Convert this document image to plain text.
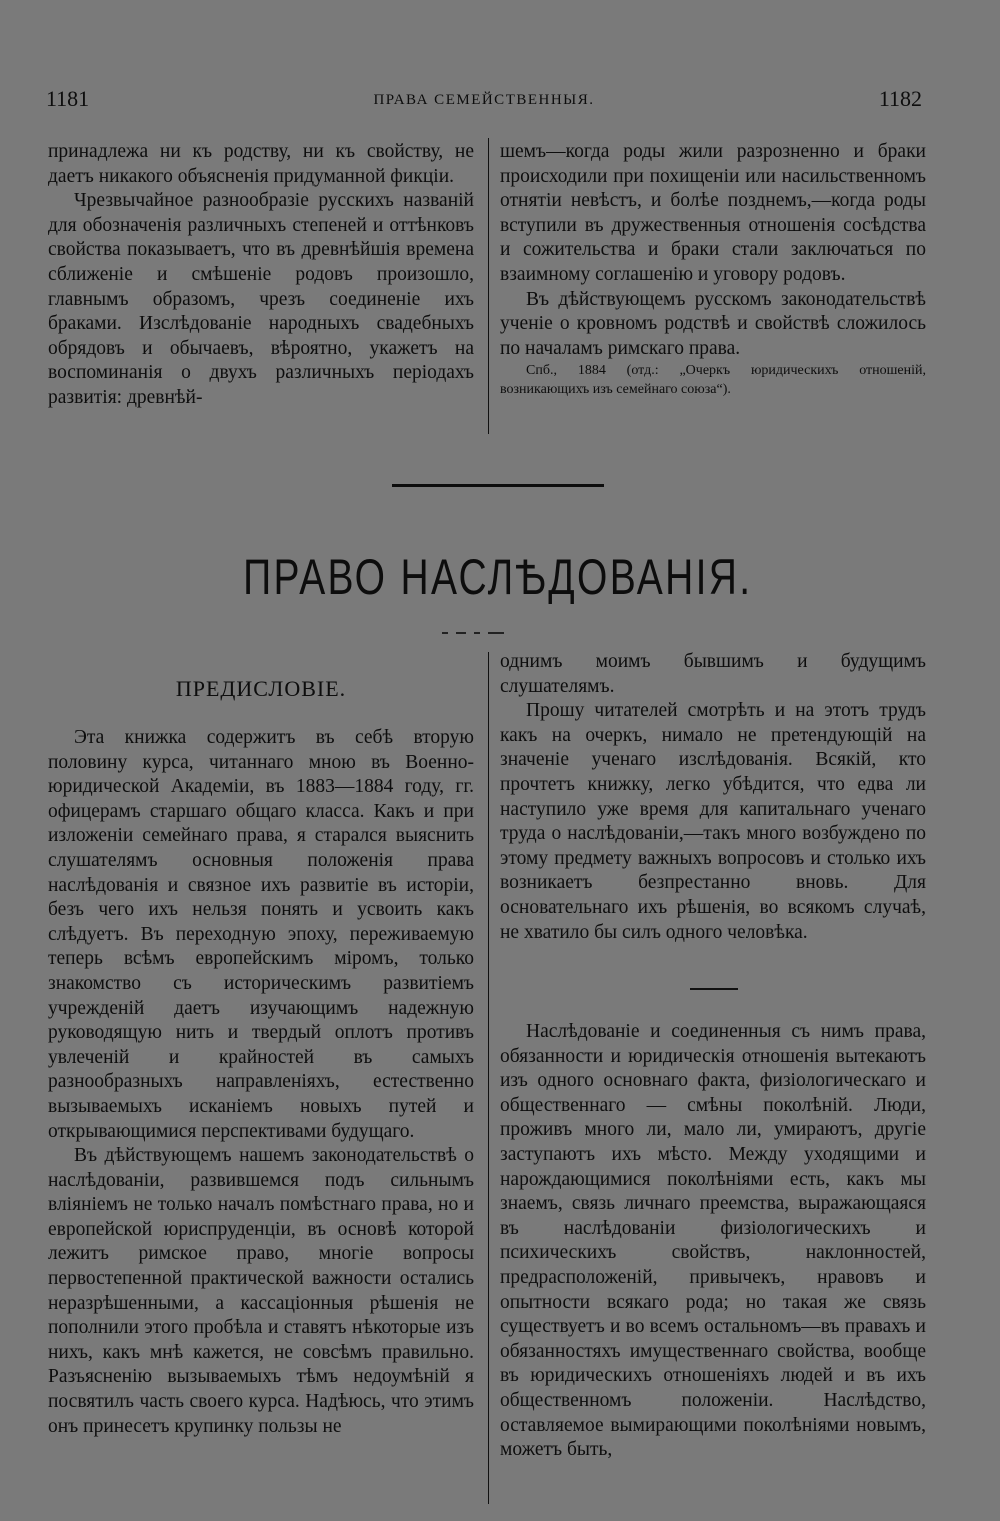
1181	ПРАВА СЕМЕЙСТВЕННЫЯ.	1182

принадлежа ни къ родству, ни къ свойству, не даетъ никакого объясненія придуманной фикціи.

Чрезвычайное разнообразіе русскихъ названій для обозначенія различныхъ степеней и оттѣнковъ свойства показываетъ, что въ древнѣйшія времена сближеніе и смѣшеніе родовъ произошло, главнымъ образомъ, чрезъ соединеніе ихъ браками. Изслѣдованіе народныхъ свадебныхъ обрядовъ и обычаевъ, вѣроятно, укажетъ на воспоминанія о двухъ различныхъ періодахъ развитія: древнѣй-

шемъ—когда роды жили разрозненно и браки происходили при похищеніи или насильственномъ отнятіи невѣстъ, и болѣе позднемъ,—когда роды вступили въ дружественныя отношенія сосѣдства и сожительства и браки стали заключаться по взаимному соглашенію и уговору родовъ.

Въ дѣйствующемъ русскомъ законодательствѣ ученіе о кровномъ родствѣ и свойствѣ сложилось по началамъ римскаго права.

Спб., 1884 (отд.: „Очеркъ юридическихъ отношеній, возникающихъ изъ семейнаго союза“).

ПРАВО НАСЛѢДОВАНІЯ.
ПРЕДИСЛОВІЕ.

Эта книжка содержитъ въ себѣ вторую половину курса, читаннаго мною въ Военно-юридической Академіи, въ 1883—1884 году, гг. офицерамъ старшаго общаго класса. Какъ и при изложеніи семейнаго права, я старался выяснить слушателямъ основныя положенія права наслѣдованія и связное ихъ развитіе въ исторіи, безъ чего ихъ нельзя понять и усвоить какъ слѣдуетъ. Въ переходную эпоху, переживаемую теперь всѣмъ европейскимъ міромъ, только знакомство съ историческимъ развитіемъ учрежденій даетъ изучающимъ надежную руководящую нить и твердый оплотъ противъ увлеченій и крайностей въ самыхъ разнообразныхъ направленіяхъ, естественно вызываемыхъ исканіемъ новыхъ путей и открывающимися перспективами будущаго.

Въ дѣйствующемъ нашемъ законодательствѣ о наслѣдованіи, развившемся подъ сильнымъ вліяніемъ не только началъ помѣстнаго права, но и европейской юриспруденціи, въ основѣ которой лежитъ римское право, многіе вопросы первостепенной практической важности остались неразрѣшенными, а кассаціонныя рѣшенія не пополнили этого пробѣла и ставятъ нѣкоторые изъ нихъ, какъ мнѣ кажется, не совсѣмъ правильно. Разъясненію вызываемыхъ тѣмъ недоумѣній я посвятилъ часть своего курса. Надѣюсь, что этимъ онъ принесетъ крупинку пользы не

однимъ моимъ бывшимъ и будущимъ слушателямъ.

Прошу читателей смотрѣть и на этотъ трудъ какъ на очеркъ, нимало не претендующій на значеніе ученаго изслѣдованія. Всякій, кто прочтетъ книжку, легко убѣдится, что едва ли наступило уже время для капитальнаго ученаго труда о наслѣдованіи,—такъ много возбуждено по этому предмету важныхъ вопросовъ и столько ихъ возникаетъ безпрестанно вновь. Для основательнаго ихъ рѣшенія, во всякомъ случаѣ, не хватило бы силъ одного человѣка.

Наслѣдованіе и соединенныя съ нимъ права, обязанности и юридическія отношенія вытекаютъ изъ одного основнаго факта, физіологическаго и общественнаго — смѣны поколѣній. Люди, проживъ много ли, мало ли, умираютъ, другіе заступаютъ ихъ мѣсто. Между уходящими и нарождающимися поколѣніями есть, какъ мы знаемъ, связь личнаго преемства, выражающаяся въ наслѣдованіи физіологическихъ и психическихъ свойствъ, наклонностей, предрасположеній, привычекъ, нравовъ и опытности всякаго рода; но такая же связь существуетъ и во всемъ остальномъ—въ правахъ и обязанностяхъ имущественнаго свойства, вообще въ юридическихъ отношеніяхъ людей и въ ихъ общественномъ положеніи. Наслѣдство, оставляемое вымирающими поколѣніями новымъ, можетъ быть,
